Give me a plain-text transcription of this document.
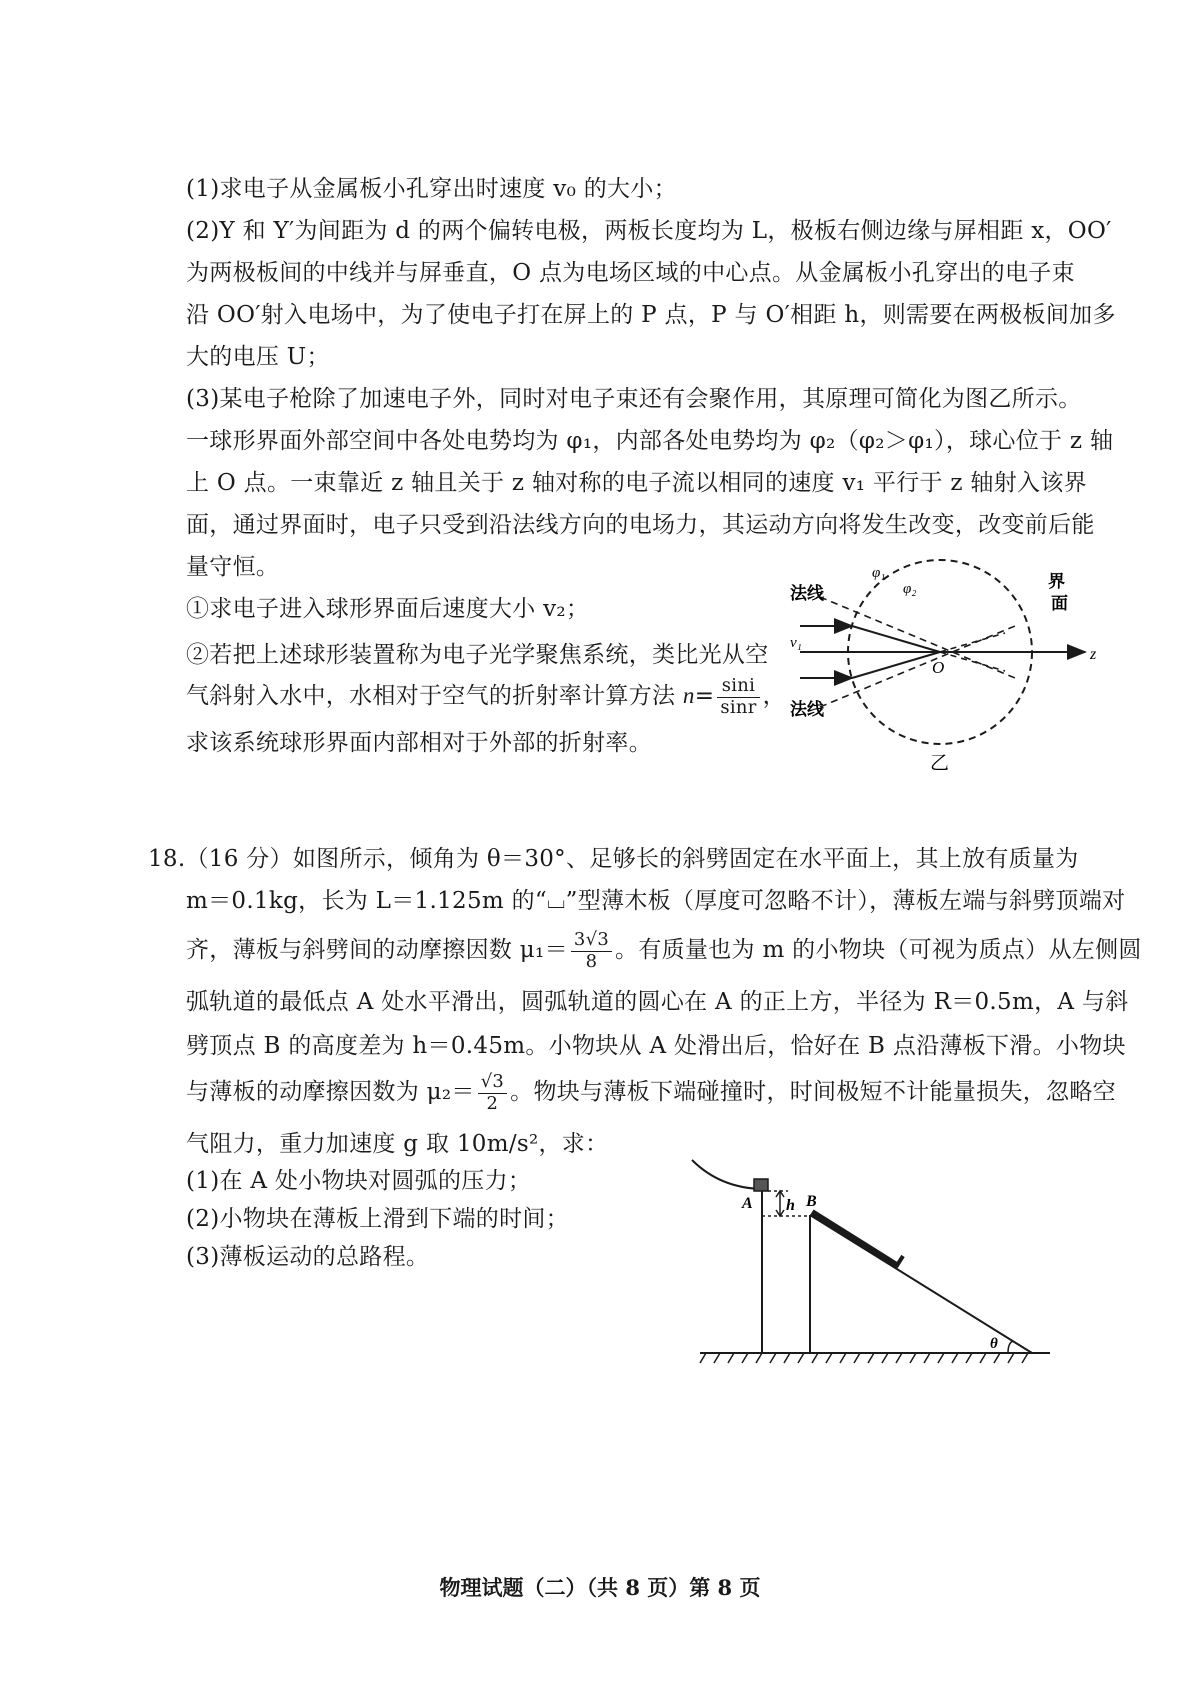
(1)求电子从金属板小孔穿出时速度 v₀ 的大小；
(2)Y 和 Y′为间距为 d 的两个偏转电极，两板长度均为 L，极板右侧边缘与屏相距 x，OO′
为两极板间的中线并与屏垂直，O 点为电场区域的中心点。从金属板小孔穿出的电子束
沿 OO′射入电场中，为了使电子打在屏上的 P 点，P 与 O′相距 h，则需要在两极板间加多
大的电压 U；
(3)某电子枪除了加速电子外，同时对电子束还有会聚作用，其原理可简化为图乙所示。
一球形界面外部空间中各处电势均为 φ₁，内部各处电势均为 φ₂（φ₂＞φ₁），球心位于 z 轴
上 O 点。一束靠近 z 轴且关于 z 轴对称的电子流以相同的速度 v₁ 平行于 z 轴射入该界
面，通过界面时，电子只受到沿法线方向的电场力，其运动方向将发生改变，改变前后能
量守恒。
①求电子进入球形界面后速度大小 v₂；
②若把上述球形装置称为电子光学聚焦系统，类比光从空
气斜射入水中，水相对于空气的折射率计算方法 $n= \frac{\sin i}{\sin r}$ ，
求该系统球形界面内部相对于外部的折射率。
法线
法线
界
面
φ₁
φ₂
v₁
O
z
乙
18.（16 分）如图所示，倾角为 θ＝30°、足够长的斜劈固定在水平面上，其上放有质量为
m＝0.1kg，长为 L＝1.125m 的“⌴”型薄木板（厚度可忽略不计），薄板左端与斜劈顶端对
齐，薄板与斜劈间的动摩擦因数 $\mu_1= \frac{3√3}{8}$ 。有质量也为 m 的小物块（可视为质点）从左侧圆
弧轨道的最低点 A 处水平滑出，圆弧轨道的圆心在 A 的正上方，半径为 R＝0.5m，A 与斜
劈顶点 B 的高度差为 h＝0.45m。小物块从 A 处滑出后，恰好在 B 点沿薄板下滑。小物块
与薄板的动摩擦因数为 $\mu_2= \frac{√3}{2}$ 。物块与薄板下端碰撞时，时间极短不计能量损失，忽略空
气阻力，重力加速度 g 取 10m/s²，求：
(1)在 A 处小物块对圆弧的压力；
(2)小物块在薄板上滑到下端的时间；
(3)薄板运动的总路程。
A	B
h
θ
物理试题（二）（共 8 页）第 8 页
